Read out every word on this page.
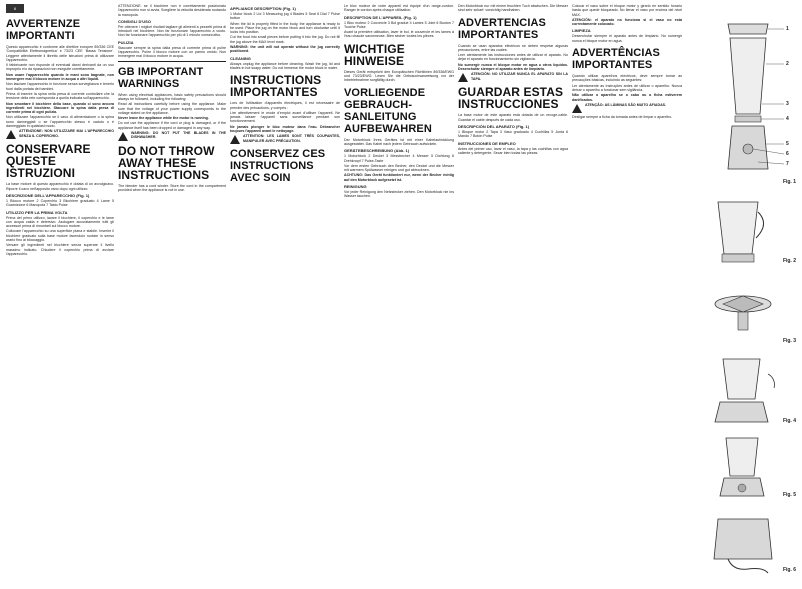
6
AVVERTENZE IMPORTANTI

Questo apparecchio è conforme alle direttive europee 89/336 CEE 'Compatibilità Elettromagnetica' e 73/23 CEE 'Bassa Tensione'. Leggere attentamente il libretto delle istruzioni prima di utilizzare l'apparecchio.

Il fabbricante non risponde di eventuali danni derivanti da un uso improprio e/o da riparazioni non eseguite correttamente.

Non usare l'apparecchio quando le mani sono bagnate, non immergere mai il blocco motore in acqua o altri liquidi.

Non lasciare l'apparecchio in funzione senza sorveglianza e tenerlo fuori dalla portata dei bambini.

Prima di inserire la spina nella presa di corrente controllare che la tensione della rete corrisponda a quella indicata sull'apparecchio.

Non smontare il bicchiere della base, quando ci sono ancora ingredienti nel bicchiere. Staccare la spina dalla presa di corrente prima di ogni pulizia.

Non utilizzare l'apparecchio se il cavo di alimentazione o la spina sono danneggiati o se l'apparecchio stesso è caduto o è danneggiato in qualsiasi modo.

ATTENZIONE: NON UTILIZZARE MAI L'APPARECCHIO SENZA IL COPERCHIO.

CONSERVARE QUESTE ISTRUZIONI

La base motore di questo apparecchio è dotata di un avvolgicavo. Riporre il cavo nell'apposito vano dopo ogni utilizzo.

DESCRIZIONE DELL'APPARECCHIO (Fig. 1)

1 Blocco motore 2 Coperchio 3 Bicchiere graduato 4 Lame 5 Guarnizione 6 Manopola 7 Tasto Pulse

UTILIZZO PER LA PRIMA VOLTA

Prima del primo utilizzo, lavare il bicchiere, il coperchio e le lame con acqua calda e detersivo. Asciugare accuratamente tutti gli accessori prima di rimontarli sul blocco motore.

Collocare l'apparecchio su una superficie piana e stabile. Inserire il bicchiere graduato sulla base motore facendolo ruotare in senso orario fino al bloccaggio.

Versare gli ingredienti nel bicchiere senza superare il livello massimo indicato. Chiudere il coperchio prima di avviare l'apparecchio.

ATTENZIONE: se il bicchiere non è correttamente posizionato l'apparecchio non si avvia. Scegliere la velocità desiderata ruotando la manopola.

CONSIGLI D'USO

Per ottenere i migliori risultati tagliare gli alimenti a pezzetti prima di introdurli nel bicchiere. Non far funzionare l'apparecchio a vuoto. Non far funzionare l'apparecchio per più di 1 minuto consecutivo.

PULIZIA

Staccare sempre la spina dalla presa di corrente prima di pulire l'apparecchio. Pulire il blocco motore con un panno umido. Non immergere mai il blocco motore in acqua.

GB IMPORTANT WARNINGS

When using electrical appliances, basic safety precautions should always be followed, including the following:

Read all instructions carefully before using the appliance. Make sure that the voltage of your power supply corresponds to the voltage stated on the appliance.

Never leave the appliance while the motor is running.

Do not use the appliance if the cord or plug is damaged, or if the appliance itself has been dropped or damaged in any way.

WARNING: DO NOT PUT THE BLADES IN THE DISHWASHER.

DO NOT THROW AWAY THESE INSTRUCTIONS

The blender has a cord winder. Store the cord in the compartment provided when the appliance is not in use.

APPLIANCE DESCRIPTION (Fig. 1)

1 Motor block 2 Lid 3 Measuring jug 4 Blades 5 Seal 6 Dial 7 Pulse button

When the lid is properly fitted in the body, the appliance is ready to be used. Place the jug on the motor block and turn clockwise until it locks into position.

Cut the food into small pieces before putting it into the jug. Do not fill the jug above the MAX level mark.

WARNING: the unit will not operate without the jug correctly positioned.

CLEANING

Always unplug the appliance before cleaning. Wash the jug, lid and blades in hot soapy water. Do not immerse the motor block in water.

INSTRUCTIONS IMPORTANTES

Lors de l'utilisation d'appareils électriques, il est nécessaire de prendre des précautions, y compris :

Lire attentivement le mode d'emploi avant d'utiliser l'appareil. Ne jamais laisser l'appareil sans surveillance pendant son fonctionnement.

Ne jamais plonger le bloc moteur dans l'eau. Débrancher toujours l'appareil avant le nettoyage.

ATTENTION: LES LAMES SONT TRÈS COUPANTES, MANIPULER AVEC PRÉCAUTION.

CONSERVEZ CES INSTRUCTIONS AVEC SOIN

Le bloc moteur de votre appareil est équipé d'un range-cordon. Ranger le cordon après chaque utilisation.

DESCRIPTION DE L'APPAREIL (Fig. 1)

1 Bloc moteur 2 Couvercle 3 Bol gradué 4 Lames 5 Joint 6 Bouton 7 Touche Pulse

Avant la première utilisation, laver le bol, le couvercle et les lames à l'eau chaude savonneuse. Bien sécher toutes les pièces.

WICHTIGE HINWEISE

Dieses Gerät entspricht den Europäischen Richtlinien 89/336/EWG und 73/23/EWG. Lesen Sie die Gebrauchsanweisung vor der Inbetriebnahme sorgfältig durch.

VORLIEGENDE GEBRAUCH-SANLEITUNG AUFBEWAHREN

Der Motorblock Ihres Gerätes ist mit einer Kabelaufwicklung ausgestattet. Das Kabel nach jedem Gebrauch aufwickeln.

GERÄTEBESCHREIBUNG (Abb. 1)

1 Motorblock 2 Deckel 3 Messbecher 4 Messer 5 Dichtung 6 Drehknopf 7 Pulse-Taste

Vor dem ersten Gebrauch den Becher, den Deckel und die Messer mit warmem Spülwasser reinigen und gut abtrocknen.

ACHTUNG: Das Gerät funktioniert nur, wenn der Becher richtig auf den Motorblock aufgesetzt ist.

REINIGUNG

Vor jeder Reinigung den Netzstecker ziehen. Den Motorblock nie ins Wasser tauchen.

Den Motorblock nur mit einem feuchten Tuch abwischen. Die Messer sind sehr scharf: vorsichtig handhaben.

ADVERTENCIAS IMPORTANTES

Cuando se usan aparatos eléctricos se deben respetar algunas precauciones, entre las cuales:

Leer atentamente las instrucciones antes de utilizar el aparato. No dejar el aparato en funcionamiento sin vigilancia.

No sumergir nunca el bloque motor en agua u otros líquidos. Desenchufar siempre el aparato antes de limpiarlo.

ATENCIÓN: NO UTILIZAR NUNCA EL APARATO SIN LA TAPA.

GUARDAR ESTAS INSTRUCCIONES

La base motor de este aparato está dotada de un recoge-cable. Guardar el cable después de cada uso.

DESCRIPCIÓN DEL APARATO (Fig. 1)

1 Bloque motor 2 Tapa 3 Vaso graduado 4 Cuchillas 5 Junta 6 Mando 7 Botón Pulse

INSTRUCCIONES DE EMPLEO

Antes del primer uso, lavar el vaso, la tapa y las cuchillas con agua caliente y detergente. Secar bien todas las piezas.

Colocar el vaso sobre el bloque motor y girarlo en sentido horario hasta que quede bloqueado. No llenar el vaso por encima del nivel MAX.

ATENCIÓN: el aparato no funciona si el vaso no está correctamente colocado.

LIMPIEZA

Desenchufar siempre el aparato antes de limpiarlo. No sumergir nunca el bloque motor en agua.

ADVERTÊNCIAS IMPORTANTES

Quando utilizar aparelhos eléctricos, deve sempre tomar as precauções básicas, incluindo as seguintes:

Ler atentamente as instruções antes de utilizar o aparelho. Nunca deixar o aparelho a funcionar sem vigilância.

Não utilizar o aparelho se o cabo ou a ficha estiverem danificados.

ATENÇÃO: AS LÂMINAS SÃO MUITO AFIADAS.

Desligar sempre a ficha da tomada antes de limpar o aparelho.

1
2
3
4
5
6
7
Fig. 1
Fig. 2
Fig. 3
Fig. 4
Fig. 5
Fig. 6
